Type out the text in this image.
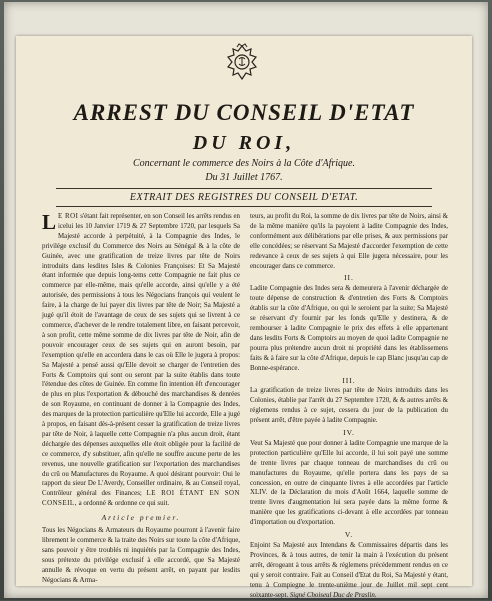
ARREST DU CONSEIL D'ETAT
DU ROI,
Concernant le commerce des Noirs à la Côte d'Afrique.
Du 31 Juillet 1767.
EXTRAIT DES REGISTRES DU CONSEIL D'ETAT.

L E ROI s'étant fait représenter, en son Conseil les arrêts rendus en icelui les 10 Janvier 1719 & 27 Septembre 1720, par lesquels Sa Majesté accorde à perpétuité, à la Compagnie des Indes, le privilége exclusif du Commerce des Noirs au Sénégal & à la côte de Guinée, avec une gratification de treize livres par tête de Noirs introduits dans lesdites Isles & Colonies Françoises: Et Sa Majesté étant informée que depuis long-tems cette Compagnie ne fait plus ce commerce par elle-même, mais qu'elle accorde, ainsi qu'elle y a été autorisée, des permissions à tous les Négocians françois qui veulent le faire, à la charge de lui payer dix livres par tête de Noir; Sa Majesté a jugé qu'il étoit de l'avantage de ceux de ses sujets qui se livrent à ce commerce, d'achever de le rendre totalement libre, en faisant percevoir, à son profit, cette même somme de dix livres par tête de Noir, afin de pouvoir encourager ceux de ses sujets qui en auront besoin, par l'exemption qu'elle en accordera dans le cas où Elle le jugera à propos: Sa Majesté a pensé aussi qu'Elle devoit se charger de l'entretien des Forts & Comptoirs qui sont ou seront par la suite établis dans toute l'étendue des côtes de Guinée. En comme fin intention ëft d'encourager de plus en plus l'exportation & débouché des marchandises & denrées de son Royaume, en continuant de donner à la Compagnie des Indes, des marques de la protection particulière qu'Elle lui accorde, Elle a jugé à propos, en faisant dès-à-présent cesser la gratification de treize livres par tête de Noir, à laquelle cette Compagnie n'a plus aucun droit, étant déchargée des dépenses auxquelles elle étoit obligée pour la facilité de ce commerce, d'y substituer, afin qu'elle ne souffre aucune perte de les revenus, une nouvelle gratification sur l'exportation des marchandises du crû ou Manufactures du Royaume. A quoi désirant pourvoir: Oui le rapport du sieur De L'Averdy, Conseiller ordinaire, & au Conseil royal, Contrôleur général des Finances; LE ROI ÉTANT EN SON CONSEIL, a ordonné & ordonne ce qui suit.

Article premier.

Tous les Négocians & Armateurs du Royaume pourront à l'avenir faire librement le commerce & la traite des Noirs sur toute la côte d'Afrique, sans pouvoir y être troublés ni inquiétés par la Compagnie des Indes, sous prétexte du privilége exclusif à elle accordé, que Sa Majesté annulle & révoque en vertu du présent arrêt, en payant par lesdits Négocians & Arma-

teurs, au profit du Roi, la somme de dix livres par tête de Noirs, ainsi & de la même manière qu'ils la payoient à ladite Compagnie des Indes, conformément aux délibérations par elle prises, & aux permissions par elle concédées; se réservant Sa Majesté d'accorder l'exemption de cette redevance à ceux de ses sujets à qui Elle jugera nécessaire, pour les encourager dans ce commerce.

II.

Ladite Compagnie des Indes sera & demeurera à l'avenir déchargée de toute dépense de construction & d'entretien des Forts & Comptoirs établis sur la côte d'Afrique, ou qui le seroient par la suite; Sa Majesté se réservant d'y fournir par les fonds qu'Elle y destinera, & de rembourser à ladite Compagnie le prix des effets à elle appartenant dans lesdits Forts & Comptoirs au moyen de quoi ladite Compagnie ne pourra plus prétendre aucun droit ni propriété dans les établissemens faits & à faire sur la côte d'Afrique, depuis le cap Blanc jusqu'au cap de Bonne-espérance.

III.

La gratification de treize livres par tête de Noirs introduits dans les Colonies, établie par l'arrêt du 27 Septembre 1720, & & autres arrêts & réglemens rendus à ce sujet, cessera du jour de la publication du présent arrêt, d'être payée à ladite Compagnie.

IV.

Veut Sa Majesté que pour donner à ladite Compagnie une marque de la protection particulière qu'Elle lui accorde, il lui soit payé une somme de trente livres par chaque tonneau de marchandises du crû ou manufactures du Royaume, qu'elle portera dans les pays de sa concession, en outre de cinquante livres à elle accordées par l'article XLIV. de la Déclaration du mois d'Août 1664, laquelle somme de trente livres d'augmentation lui sera payée dans la même forme & manière que les gratifications ci-devant à elle accordées par tonneau d'importation ou d'exportation.

V.

Enjoint Sa Majesté aux Intendans & Commissaires départis dans les Provinces, & à tous autres, de tenir la main à l'exécution du présent arrêt, dérogeant à tous arrêts & réglemens précédemment rendus en ce qui y seroit contraire. Fait au Conseil d'Etat du Roi, Sa Majesté y étant, tenu à Compiegne le trente-unième jour de Juillet mil sept cent soixante-sept. Signé Choiseul Duc de Praslin.
